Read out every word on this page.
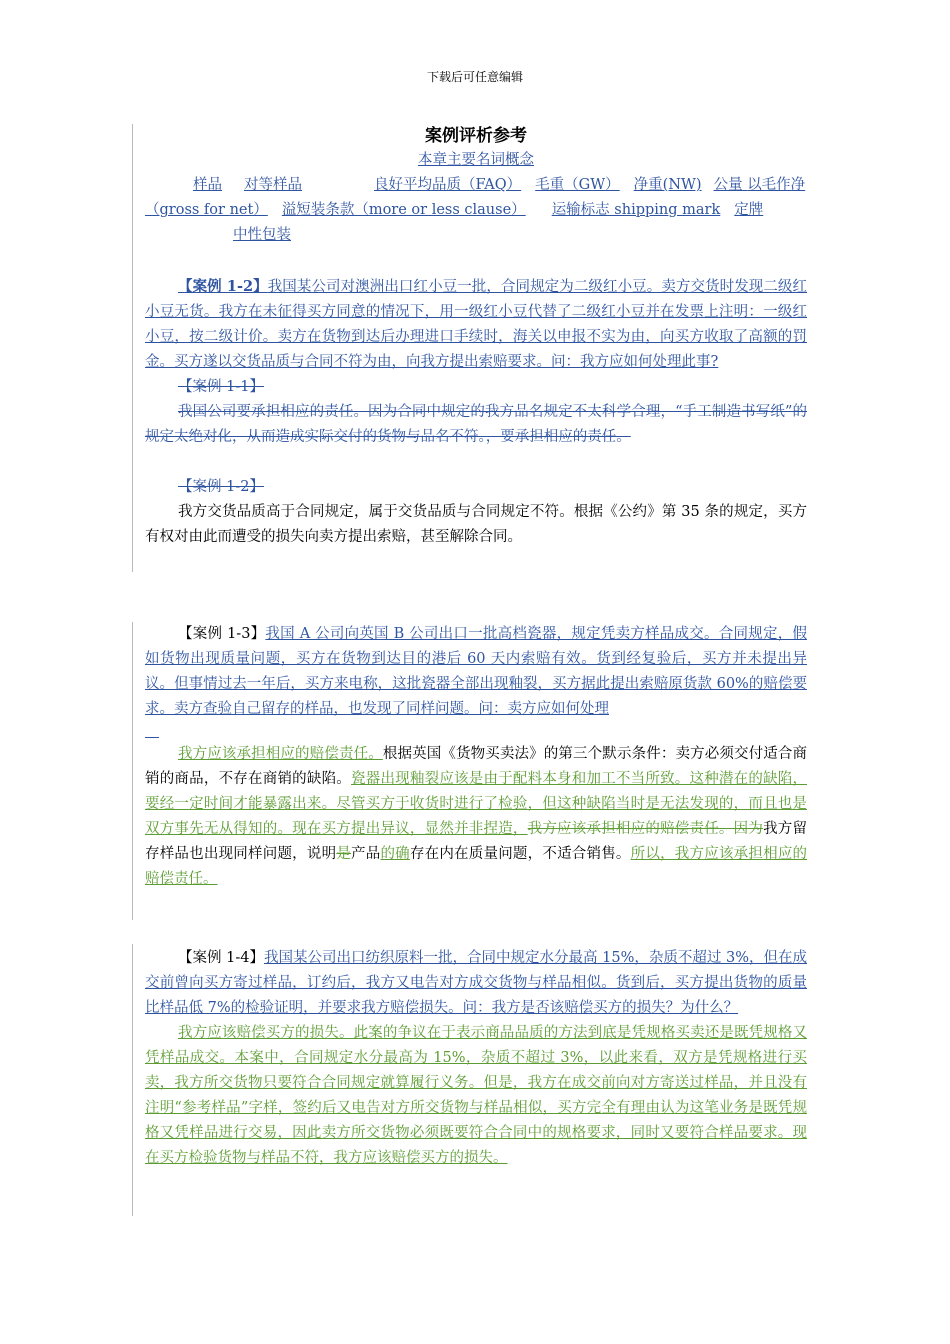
下载后可任意编辑

案例评析参考

本章主要名词概念

样品 对等样品	良好平均品质（FAQ） 毛重（GW） 净重(NW) 公量 以毛作净（gross for net） 溢短装条款（more or less clause） 运输标志 shipping mark 定牌中性包装

【案例 1-2】我国某公司对澳洲出口红小豆一批，合同规定为二级红小豆。卖方交货时发现二级红小豆无货。我方在未征得买方同意的情况下，用一级红小豆代替了二级红小豆并在发票上注明：一级红小豆，按二级计价。卖方在货物到达后办理进口手续时，海关以申报不实为由，向买方收取了高额的罚金。买方遂以交货品质与合同不符为由，向我方提出索赔要求。问：我方应如何处理此事?

【案例 1-1】

我国公司要承担相应的责任。因为合同中规定的我方品名规定不太科学合理，“手工制造书写纸”的规定太绝对化，从而造成实际交付的货物与品名不符。，要承担相应的责任。

【案例 1-2】

我方交货品质高于合同规定，属于交货品质与合同规定不符。根据《公约》第 35 条的规定，买方有权对由此而遭受的损失向卖方提出索赔，甚至解除合同。

【案例 1-3】我国 A 公司向英国 B 公司出口一批高档瓷器，规定凭卖方样品成交。合同规定，假如货物出现质量问题，买方在货物到达目的港后 60 天内索赔有效。货到经复验后，买方并未提出异议。但事情过去一年后，买方来电称，这批瓷器全部出现釉裂，买方据此提出索赔原货款 60%的赔偿要求。卖方查验自己留存的样品，也发现了同样问题。问：卖方应如何处理

我方应该承担相应的赔偿责任。根据英国《货物买卖法》的第三个默示条件：卖方必须交付适合商销的商品，不存在商销的缺陷。瓷器出现釉裂应该是由于配料本身和加工不当所致。这种潜在的缺陷，要经一定时间才能暴露出来。尽管买方于收货时进行了检验，但这种缺陷当时是无法发现的，而且也是双方事先无从得知的。现在买方提出异议，显然并非捏造，我方应该承担相应的赔偿责任。因为我方留存样品也出现同样问题，说明是产品的确存在内在质量问题，不适合销售。所以，我方应该承担相应的赔偿责任。

【案例 1-4】我国某公司出口纺织原料一批，合同中规定水分最高 15%，杂质不超过 3%，但在成交前曾向买方寄过样品，订约后，我方又电告对方成交货物与样品相似。货到后，买方提出货物的质量比样品低 7%的检验证明，并要求我方赔偿损失。问：我方是否该赔偿买方的损失？为什么？

我方应该赔偿买方的损失。此案的争议在于表示商品品质的方法到底是凭规格买卖还是既凭规格又凭样品成交。本案中，合同规定水分最高为 15%，杂质不超过 3%，以此来看，双方是凭规格进行买卖，我方所交货物只要符合合同规定就算履行义务。但是，我方在成交前向对方寄送过样品，并且没有注明“参考样品”字样，签约后又电告对方所交货物与样品相似，买方完全有理由认为这笔业务是既凭规格又凭样品进行交易，因此卖方所交货物必须既要符合合同中的规格要求，同时又要符合样品要求。现在买方检验货物与样品不符，我方应该赔偿买方的损失。
